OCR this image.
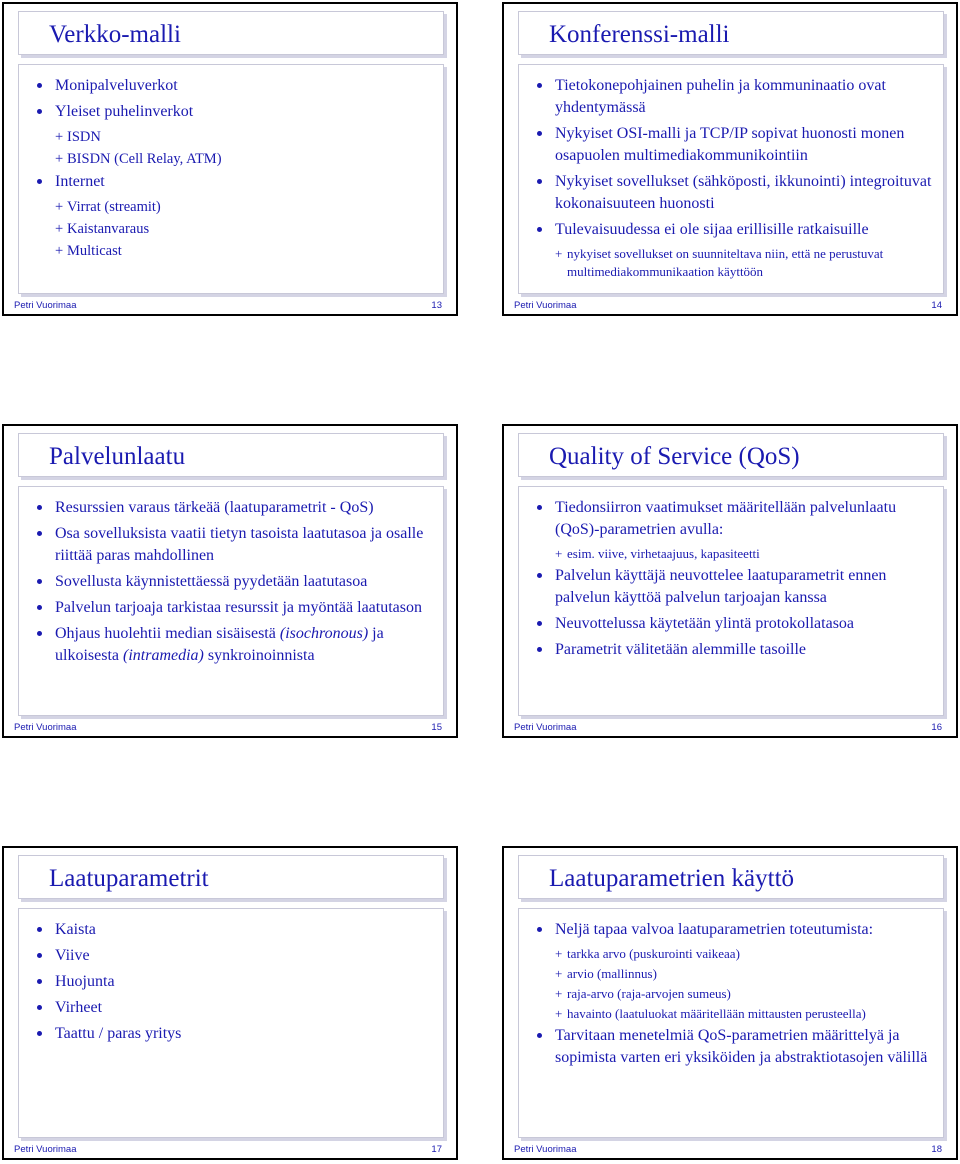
Verkko-malli
Monipalveluverkot
Yleiset puhelinverkot
+ ISDN
+ BISDN (Cell Relay, ATM)
Internet
+ Virrat (streamit)
+ Kaistanvaraus
+ Multicast
Petri Vuorimaa	13
Konferenssi-malli
Tietokonepohjainen puhelin ja kommuninaatio ovat yhdentymässä
Nykyiset OSI-malli ja TCP/IP sopivat huonosti monen osapuolen multimediakommunikointiin
Nykyiset sovellukset (sähköposti, ikkunointi) integroituvat kokonaisuuteen huonosti
Tulevaisuudessa ei ole sijaa erillisille ratkaisuille
+ nykyiset sovellukset on suunniteltava niin, että ne perustuvat multimediakommunikaation käyttöön
Petri Vuorimaa	14
Palvelunlaatu
Resurssien varaus tärkeää (laatuparametrit - QoS)
Osa sovelluksista vaatii tietyn tasoista laatutasoa ja osalle riittää paras mahdollinen
Sovellusta käynnistettäessä pyydetään laatutasoa
Palvelun tarjoaja tarkistaa resurssit ja myöntää laatutason
Ohjaus huolehtii median sisäisestä (isochronous) ja ulkoisesta (intramedia) synkroinoinnista
Petri Vuorimaa	15
Quality of Service (QoS)
Tiedonsiirron vaatimukset määritellään palvelunlaatu (QoS)-parametrien avulla:
+ esim. viive, virhetaajuus, kapasiteetti
Palvelun käyttäjä neuvottelee laatuparametrit ennen palvelun käyttöä palvelun tarjoajan kanssa
Neuvottelussa käytetään ylintä protokollatasoa
Parametrit välitetään alemmille tasoille
Petri Vuorimaa	16
Laatuparametrit
Kaista
Viive
Huojunta
Virheet
Taattu / paras yritys
Petri Vuorimaa	17
Laatuparametrien käyttö
Neljä tapaa valvoa laatuparametrien toteutumista:
+ tarkka arvo (puskurointi vaikeaa)
+ arvio (mallinnus)
+ raja-arvo (raja-arvojen sumeus)
+ havainto (laatuluokat määritellään mittausten perusteella)
Tarvitaan menetelmiä QoS-parametrien määrittelyä ja sopimista varten eri yksiköiden ja abstraktiotasojen välillä
Petri Vuorimaa	18
